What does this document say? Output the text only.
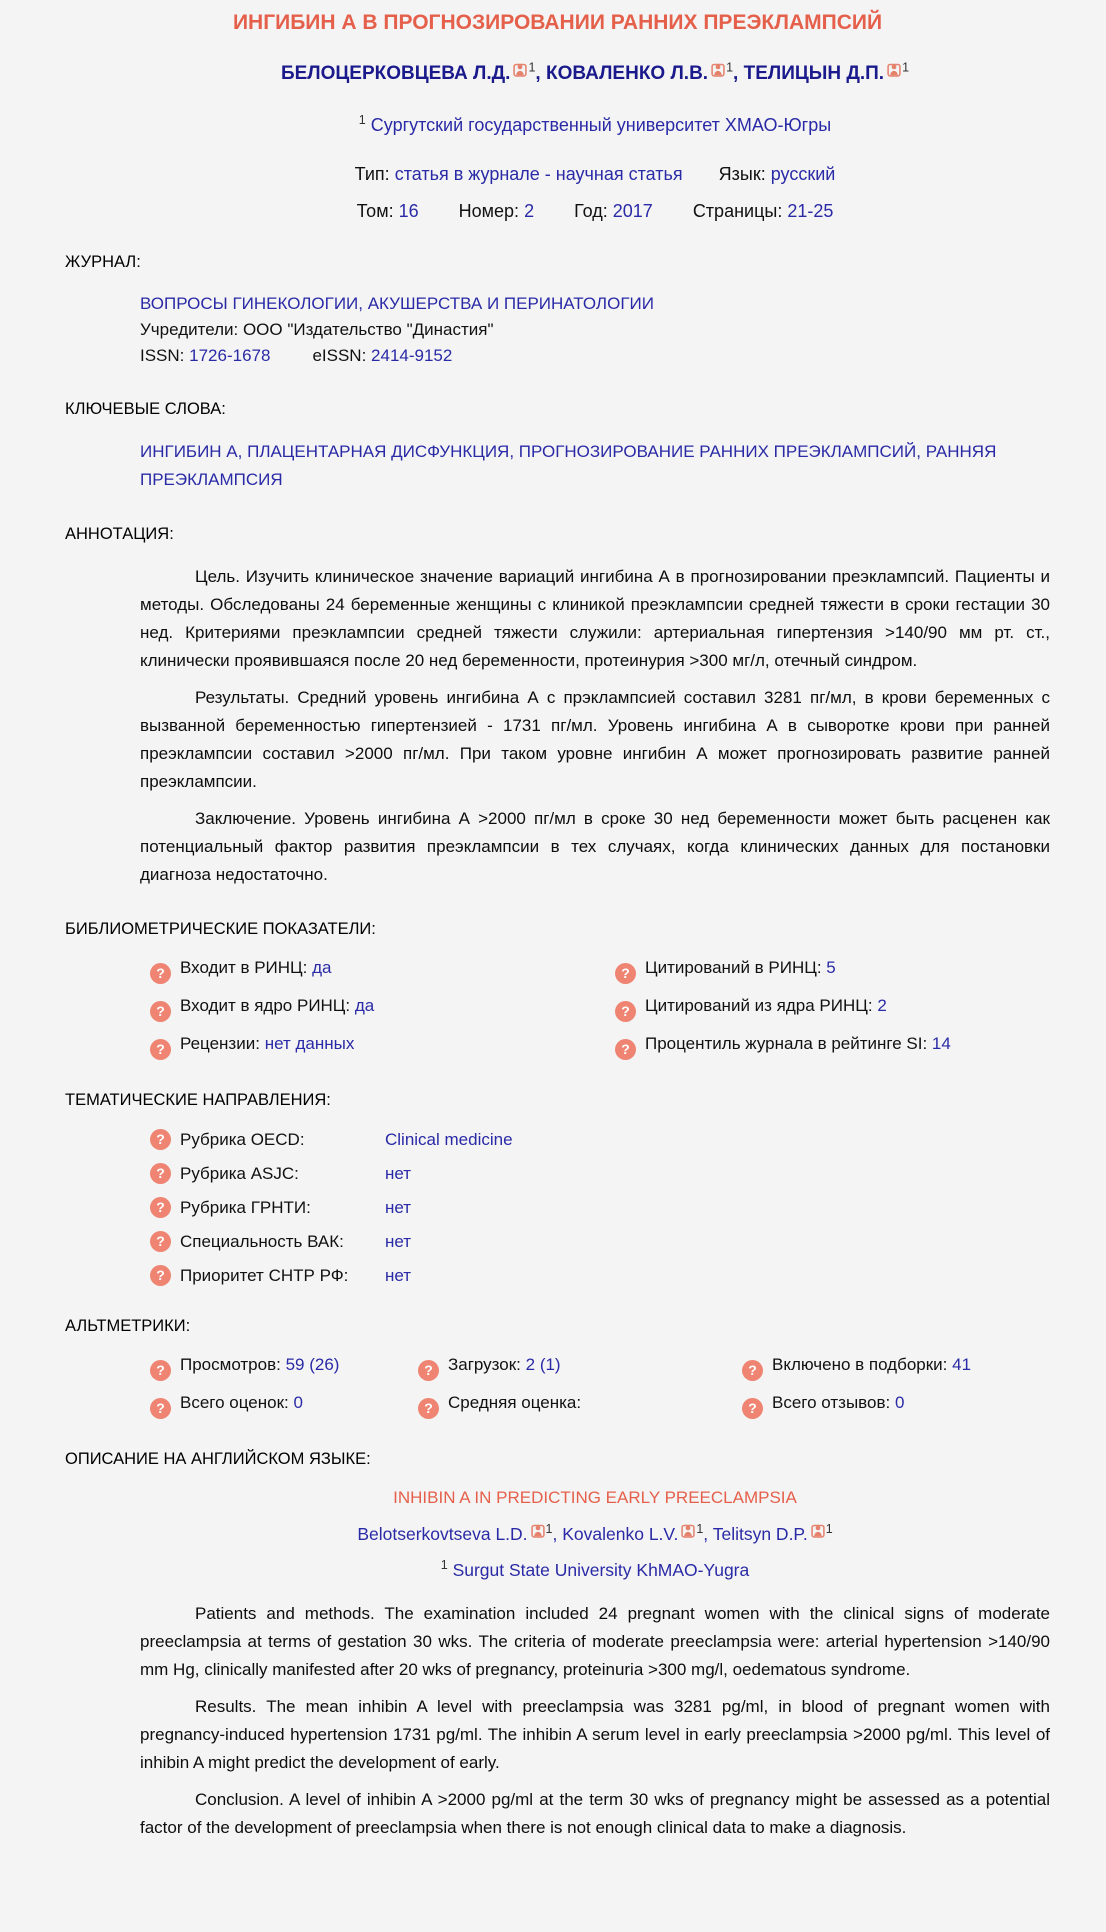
ИНГИБИН А В ПРОГНОЗИРОВАНИИ РАННИХ ПРЕЭКЛАМПСИЙ
БЕЛОЦЕРКОВЦЕВА Л.Д. $^1$ , КОВАЛЕНКО Л.В. $^1$ , ТЕЛИЦЫН Д.П. $^1$
$^1$ Сургутский государственный университет ХМАО-Югры
Тип: статья в журнале - научная статья Язык: русский
Том: 16 Номер: 2 Год: 2017 Страницы: 21-25
ЖУРНАЛ:
ВОПРОСЫ ГИНЕКОЛОГИИ, АКУШЕРСТВА И ПЕРИНАТОЛОГИИ
Учредители: ООО "Издательство "Династия"
ISSN: 1726-1678 eISSN: 2414-9152
КЛЮЧЕВЫЕ СЛОВА:
ИНГИБИН А , ПЛАЦЕНТАРНАЯ ДИСФУНКЦИЯ , ПРОГНОЗИРОВАНИЕ РАННИХ ПРЕЭКЛАМПСИЙ , РАННЯЯ ПРЕЭКЛАМПСИЯ
АННОТАЦИЯ:

Цель. Изучить клиническое значение вариаций ингибина А в прогнозировании преэклампсий. Пациенты и методы. Обследованы 24 беременные женщины с клиникой преэклампсии средней тяжести в сроки гестации 30 нед. Критериями преэклампсии средней тяжести служили: артериальная гипертензия >140/90 мм рт. ст., клинически проявившаяся после 20 нед беременности, протеинурия >300 мг/л, отечный синдром.

Результаты. Средний уровень ингибина А с прэклампсией составил 3281 пг/мл, в крови беременных с вызванной беременностью гипертензией - 1731 пг/мл. Уровень ингибина А в сыворотке крови при ранней преэклампсии составил >2000 пг/мл. При таком уровне ингибин А может прогнозировать развитие ранней преэклампсии.

Заключение. Уровень ингибина А >2000 пг/мл в сроке 30 нед беременности может быть расценен как потенциальный фактор развития преэклампсии в тех случаях, когда клинических данных для постановки диагноза недостаточно.

БИБЛИОМЕТРИЧЕСКИЕ ПОКАЗАТЕЛИ:
?Входит в РИНЦ: да ?	Цитирований в РИНЦ: 5
?Входит в ядро РИНЦ: да ?	Цитирований из ядра РИНЦ: 2
?Рецензии: нет данных ?	Процентиль журнала в рейтинге SI: 14
ТЕМАТИЧЕСКИЕ НАПРАВЛЕНИЯ:
?
Рубрика OECD:	Clinical medicine
?
Рубрика ASJC:	нет
?
Рубрика ГРНТИ:	нет
?
Специальность ВАК:	нет
?
Приоритет СНТР РФ:	нет
АЛЬТМЕТРИКИ:
?Просмотров: 59 (26) ?	Загрузок: 2 (1) ?	Включено в подборки: 41
?Всего оценок: 0 ?	Средняя оценка: ?	Всего отзывов: 0
ОПИСАНИЕ НА АНГЛИЙСКОМ ЯЗЫКЕ:
INHIBIN A IN PREDICTING EARLY PREECLAMPSIA
Belotserkovtseva L.D. $^1$ , Kovalenko L.V. $^1$ , Telitsyn D.P. $^1$
$^1$ Surgut State University KhMAO-Yugra

Patients and methods. The examination included 24 pregnant women with the clinical signs of moderate preeclampsia at terms of gestation 30 wks. The criteria of moderate preeclampsia were: arterial hypertension >140/90 mm Hg, clinically manifested after 20 wks of pregnancy, proteinuria >300 mg/l, oedematous syndrome.

Results. The mean inhibin A level with preeclampsia was 3281 pg/ml, in blood of pregnant women with pregnancy-induced hypertension 1731 pg/ml. The inhibin A serum level in early preeclampsia >2000 pg/ml. This level of inhibin A might predict the development of early.

Conclusion. A level of inhibin A >2000 pg/ml at the term 30 wks of pregnancy might be assessed as a potential factor of the development of preeclampsia when there is not enough clinical data to make a diagnosis.
